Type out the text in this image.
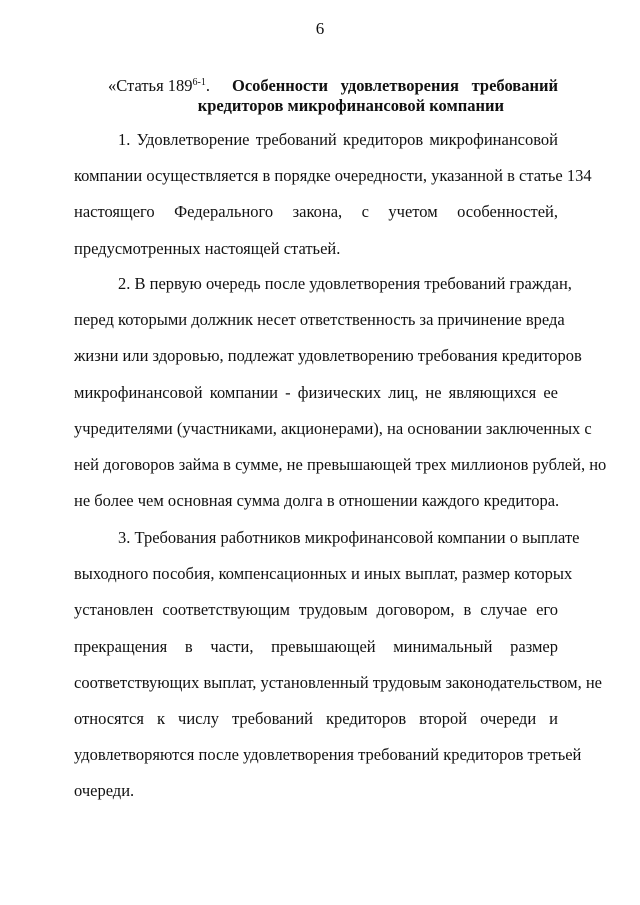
6
«Статья 189$^{6-1}$. Особенности удовлетворения требований
кредиторов микрофинансовой компании
1. Удовлетворение требований кредиторов микрофинансовой
компании осуществляется в порядке очередности, указанной в статье 134
настоящего Федерального закона, с учетом особенностей,
предусмотренных настоящей статьей.
2. В первую очередь после удовлетворения требований граждан,
перед которыми должник несет ответственность за причинение вреда
жизни или здоровью, подлежат удовлетворению требования кредиторов
микрофинансовой компании - физических лиц, не являющихся ее
учредителями (участниками, акционерами), на основании заключенных с
ней договоров займа в сумме, не превышающей трех миллионов рублей, но
не более чем основная сумма долга в отношении каждого кредитора.
3. Требования работников микрофинансовой компании о выплате
выходного пособия, компенсационных и иных выплат, размер которых
установлен соответствующим трудовым договором, в случае его
прекращения в части, превышающей минимальный размер
соответствующих выплат, установленный трудовым законодательством, не
относятся к числу требований кредиторов второй очереди и
удовлетворяются после удовлетворения требований кредиторов третьей
очереди.
